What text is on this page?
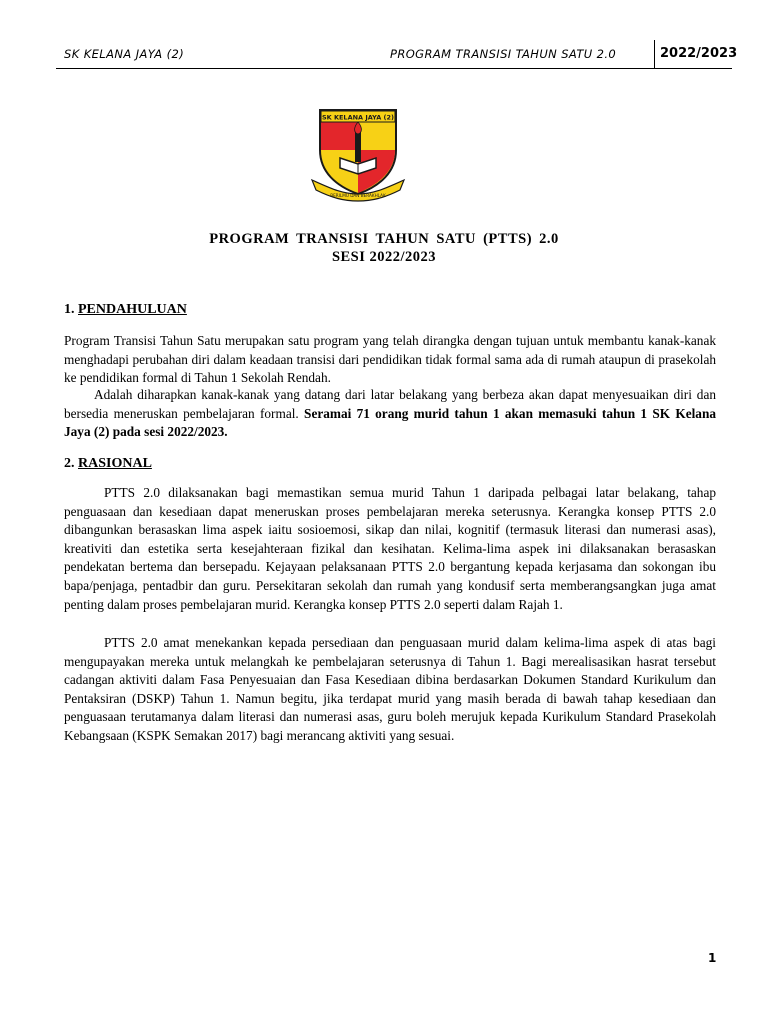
SK KELANA JAYA (2)	PROGRAM TRANSISI TAHUN SATU 2.0	2022/2023
SK KELANA JAYA (2)
BERILMU DAN BERAKHLAK
PROGRAM TRANSISI TAHUN SATU (PTTS) 2.0
SESI 2022/2023
1. PENDAHULUAN

Program Transisi Tahun Satu merupakan satu program yang telah dirangka dengan tujuan untuk membantu kanak-kanak menghadapi perubahan diri dalam keadaan transisi dari pendidikan tidak formal sama ada di rumah ataupun di prasekolah ke pendidikan formal di Tahun 1 Sekolah Rendah.

Adalah diharapkan kanak-kanak yang datang dari latar belakang yang berbeza akan dapat menyesuaikan diri dan bersedia meneruskan pembelajaran formal. Seramai 71 orang murid tahun 1 akan memasuki tahun 1 SK Kelana Jaya (2) pada sesi 2022/2023.

2. RASIONAL

PTTS 2.0 dilaksanakan bagi memastikan semua murid Tahun 1 daripada pelbagai latar belakang, tahap penguasaan dan kesediaan dapat meneruskan proses pembelajaran mereka seterusnya. Kerangka konsep PTTS 2.0 dibangunkan berasaskan lima aspek iaitu sosioemosi, sikap dan nilai, kognitif (termasuk literasi dan numerasi asas), kreativiti dan estetika serta kesejahteraan fizikal dan kesihatan. Kelima-lima aspek ini dilaksanakan berasaskan pendekatan bertema dan bersepadu. Kejayaan pelaksanaan PTTS 2.0 bergantung kepada kerjasama dan sokongan ibu bapa/penjaga, pentadbir dan guru. Persekitaran sekolah dan rumah yang kondusif serta memberangsangkan juga amat penting dalam proses pembelajaran murid. Kerangka konsep PTTS 2.0 seperti dalam Rajah 1.

PTTS 2.0 amat menekankan kepada persediaan dan penguasaan murid dalam kelima-lima aspek di atas bagi mengupayakan mereka untuk melangkah ke pembelajaran seterusnya di Tahun 1. Bagi merealisasikan hasrat tersebut cadangan aktiviti dalam Fasa Penyesuaian dan Fasa Kesediaan dibina berdasarkan Dokumen Standard Kurikulum dan Pentaksiran (DSKP) Tahun 1. Namun begitu, jika terdapat murid yang masih berada di bawah tahap kesediaan dan penguasaan terutamanya dalam literasi dan numerasi asas, guru boleh merujuk kepada Kurikulum Standard Prasekolah Kebangsaan (KSPK Semakan 2017) bagi merancang aktiviti yang sesuai.

1
